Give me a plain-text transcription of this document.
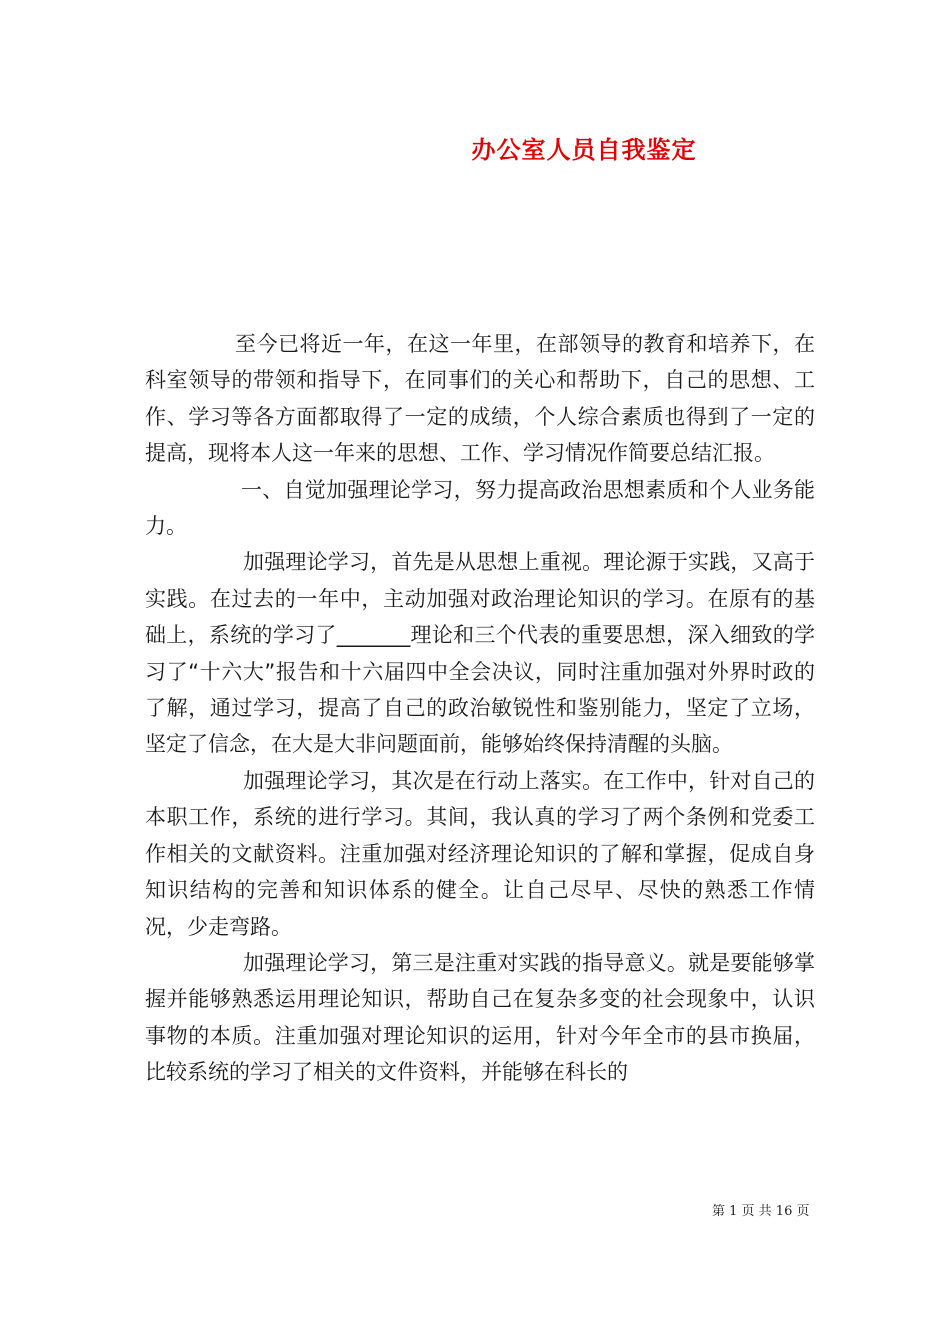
办公室人员自我鉴定

至今已将近一年，在这一年里，在部领导的教育和培养下，在科室领导的带领和指导下，在同事们的关心和帮助下，自己的思想、工作、学习等各方面都取得了一定的成绩，个人综合素质也得到了一定的提高，现将本人这一年来的思想、工作、学习情况作简要总结汇报。

一、自觉加强理论学习，努力提高政治思想素质和个人业务能力。

加强理论学习，首先是从思想上重视。理论源于实践，又高于实践。在过去的一年中，主动加强对政治理论知识的学习。在原有的基础上，系统的学习了_______理论和三个代表的重要思想，深入细致的学习了“十六大”报告和十六届四中全会决议，同时注重加强对外界时政的了解，通过学习，提高了自己的政治敏锐性和鉴别能力，坚定了立场，坚定了信念，在大是大非问题面前，能够始终保持清醒的头脑。

加强理论学习，其次是在行动上落实。在工作中，针对自己的本职工作，系统的进行学习。其间，我认真的学习了两个条例和党委工作相关的文献资料。注重加强对经济理论知识的了解和掌握，促成自身知识结构的完善和知识体系的健全。让自己尽早、尽快的熟悉工作情况，少走弯路。

加强理论学习，第三是注重对实践的指导意义。就是要能够掌握并能够熟悉运用理论知识，帮助自己在复杂多变的社会现象中，认识事物的本质。注重加强对理论知识的运用，针对今年全市的县市换届，比较系统的学习了相关的文件资料，并能够在科长的

第 1 页 共 16 页
